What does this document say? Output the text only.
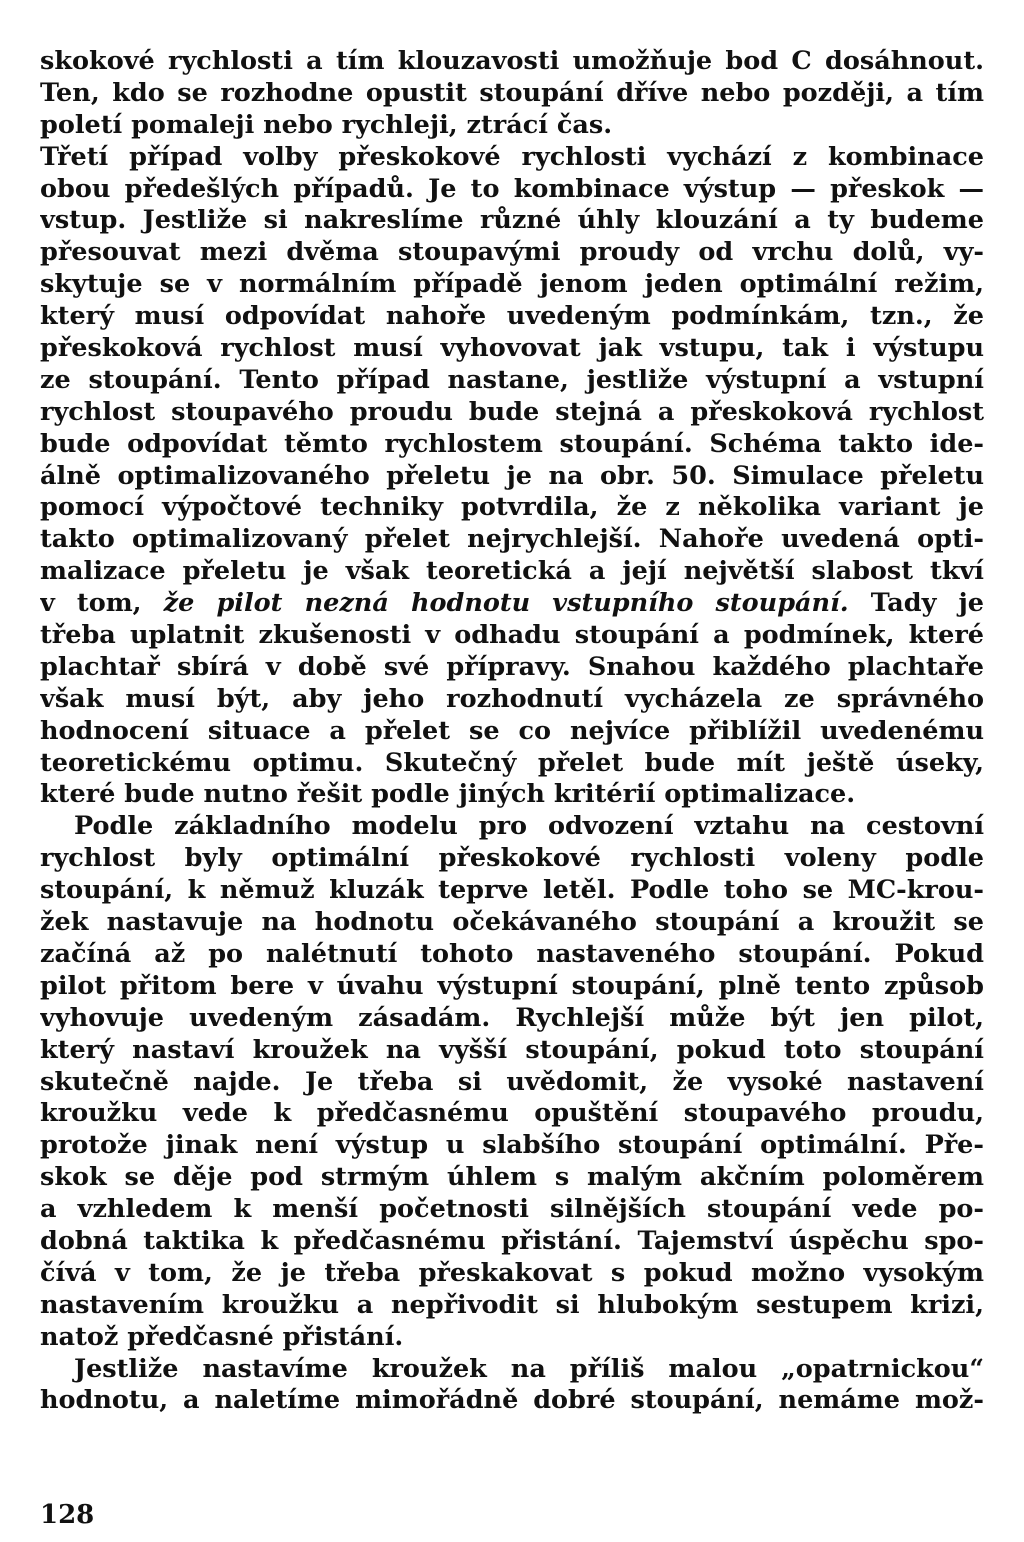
skokové rychlosti a tím klouzavosti umožňuje bod C dosáhnout.
Ten, kdo se rozhodne opustit stoupání dříve nebo později, a tím
poletí pomaleji nebo rychleji, ztrácí čas.
Třetí případ volby přeskokové rychlosti vychází z kombinace
obou předešlých případů. Je to kombinace výstup — přeskok —
vstup. Jestliže si nakreslíme různé úhly klouzání a ty budeme
přesouvat mezi dvěma stoupavými proudy od vrchu dolů, vy-
skytuje se v normálním případě jenom jeden optimální režim,
který musí odpovídat nahoře uvedeným podmínkám, tzn., že
přeskoková rychlost musí vyhovovat jak vstupu, tak i výstupu
ze stoupání. Tento případ nastane, jestliže výstupní a vstupní
rychlost stoupavého proudu bude stejná a přeskoková rychlost
bude odpovídat těmto rychlostem stoupání. Schéma takto ide-
álně optimalizovaného přeletu je na obr. 50. Simulace přeletu
pomocí výpočtové techniky potvrdila, že z několika variant je
takto optimalizovaný přelet nejrychlejší. Nahoře uvedená opti-
malizace přeletu je však teoretická a její největší slabost tkví
v tom, že pilot nezná hodnotu vstupního stoupání. Tady je
třeba uplatnit zkušenosti v odhadu stoupání a podmínek, které
plachtař sbírá v době své přípravy. Snahou každého plachtaře
však musí být, aby jeho rozhodnutí vycházela ze správného
hodnocení situace a přelet se co nejvíce přiblížil uvedenému
teoretickému optimu. Skutečný přelet bude mít ještě úseky,
které bude nutno řešit podle jiných kritérií optimalizace.
Podle základního modelu pro odvození vztahu na cestovní
rychlost byly optimální přeskokové rychlosti voleny podle
stoupání, k němuž kluzák teprve letěl. Podle toho se MC-krou-
žek nastavuje na hodnotu očekávaného stoupání a kroužit se
začíná až po nalétnutí tohoto nastaveného stoupání. Pokud
pilot přitom bere v úvahu výstupní stoupání, plně tento způsob
vyhovuje uvedeným zásadám. Rychlejší může být jen pilot,
který nastaví kroužek na vyšší stoupání, pokud toto stoupání
skutečně najde. Je třeba si uvědomit, že vysoké nastavení
kroužku vede k předčasnému opuštění stoupavého proudu,
protože jinak není výstup u slabšího stoupání optimální. Pře-
skok se děje pod strmým úhlem s malým akčním poloměrem
a vzhledem k menší početnosti silnějších stoupání vede po-
dobná taktika k předčasnému přistání. Tajemství úspěchu spo-
čívá v tom, že je třeba přeskakovat s pokud možno vysokým
nastavením kroužku a nepřivodit si hlubokým sestupem krizi,
natož předčasné přistání.
Jestliže nastavíme kroužek na příliš malou „opatrnickou“
hodnotu, a naletíme mimořádně dobré stoupání, nemáme mož-
128
